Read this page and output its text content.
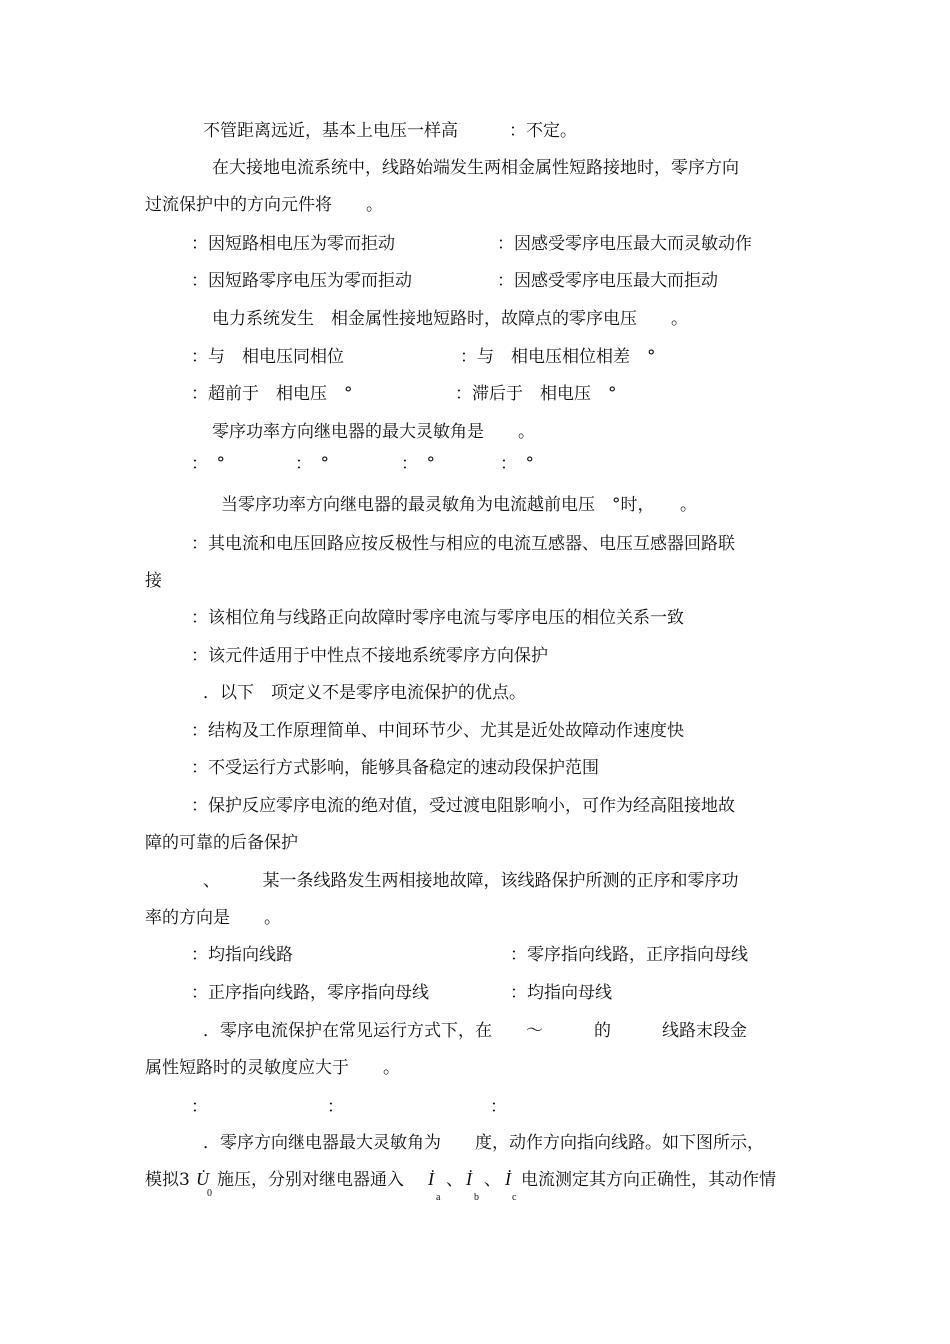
不管距离远近，基本上电压一样高　　　：不定。
在大接地电流系统中，线路始端发生两相金属性短路接地时，零序方向
过流保护中的方向元件将　　。
：因短路相电压为零而拒动　　　　　　：因感受零序电压最大而灵敏动作
：因短路零序电压为零而拒动　　　　　：因感受零序电压最大而拒动
电力系统发生　相金属性接地短路时，故障点的零序电压　　。
：与　相电压同相位	：与　相电压相位相差　°
：超前于　相电压　°	：滞后于　相电压　°
零序功率方向继电器的最大灵敏角是　　。
：　°	：　°	：　°	：　°
当零序功率方向继电器的最灵敏角为电流越前电压　°时，　　。
：其电流和电压回路应按反极性与相应的电流互感器、电压互感器回路联
接
：该相位角与线路正向故障时零序电流与零序电压的相位关系一致
：该元件适用于中性点不接地系统零序方向保护
．以下　项定义不是零序电流保护的优点。
：结构及工作原理简单、中间环节少、尤其是近处故障动作速度快
：不受运行方式影响，能够具备稳定的速动段保护范围
：保护反应零序电流的绝对值，受过渡电阻影响小，可作为经高阻接地故
障的可靠的后备保护
、　　　某一条线路发生两相接地故障，该线路保护所测的正序和零序功
率的方向是　　。
：均指向线路	：零序指向线路，正序指向母线
：正序指向线路，零序指向母线	：均指向母线
．零序电流保护在常见运行方式下，在　　～　　　的　　　线路末段金
属性短路时的灵敏度应大于　　。
：	：	：
．零序方向继电器最大灵敏角为　　度，动作方向指向线路。如下图所示，
模拟3 U̇
0
施压，分别对继电器通入 İ
a
、 İ
b
、 İ
c
电流测定其方向正确性，其动作情
